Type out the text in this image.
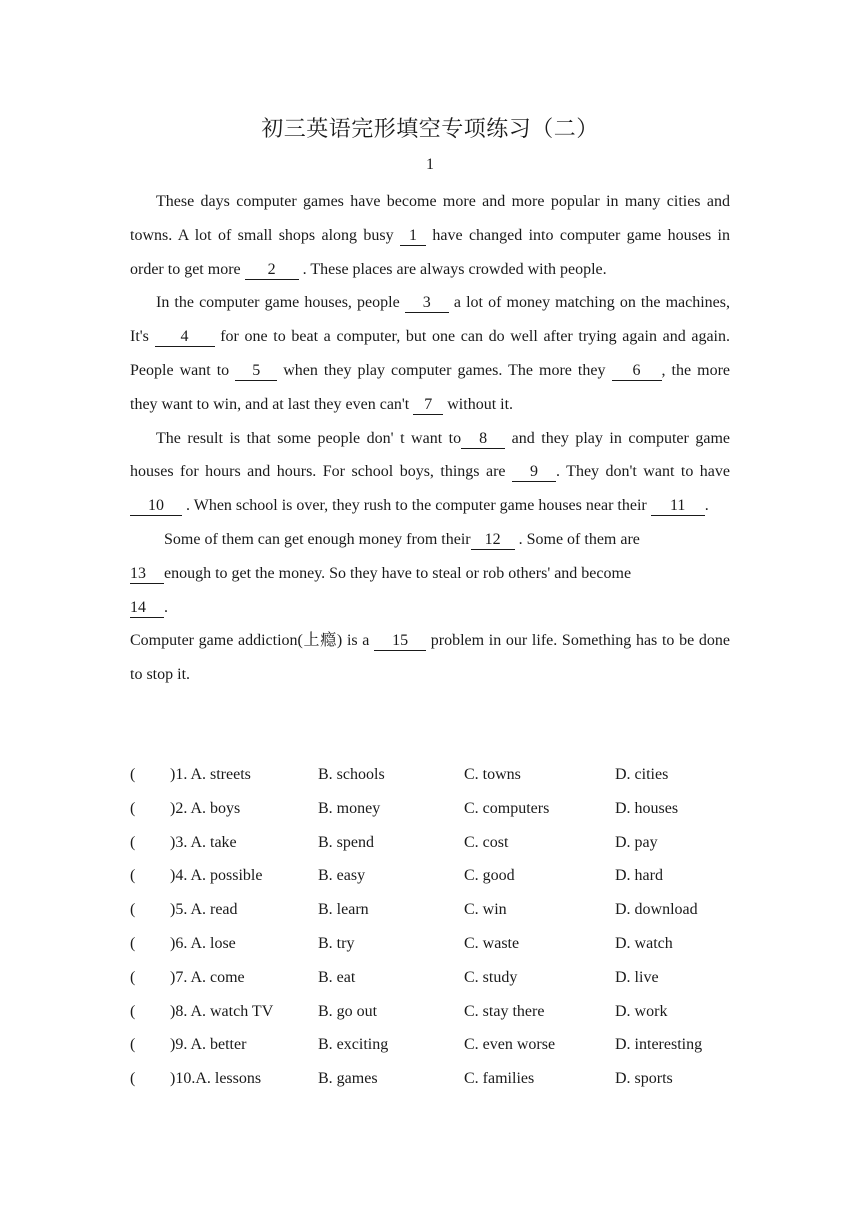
初三英语完形填空专项练习（二）
1

These days computer games have become more and more popular in many cities and towns. A lot of small shops along busy 1 have changed into computer game houses in order to get more 2 . These places are always crowded with people.

In the computer game houses, people 3 a lot of money matching on the machines, It's 4 for one to beat a computer, but one can do well after trying again and again. People want to 5 when they play computer games. The more they 6 , the more they want to win, and at last they even can't 7 without it.

The result is that some people don' t want to 8 and they play in computer game houses for hours and hours. For school boys, things are 9 . They don't want to have10 . When school is over, they rush to the computer game houses near their 11 .

Some of them can get enough money from their 12 . Some of them are

13enough to get the money. So they have to steal or rob others' and become
14.

Computer game addiction(上瘾) is a 15 problem in our life. Something has to be done to stop it.

( )1. A. streets	B. schools	C. towns	D. cities
( )2. A. boys	B. money	C. computers	D. houses
( )3. A. take	B. spend	C. cost	D. pay
( )4. A. possible	B. easy	C. good	D. hard
( )5. A. read	B. learn	C. win	D. download
( )6. A. lose	B. try	C. waste	D. watch
( )7. A. come	B. eat	C. study	D. live
( )8. A. watch TV	B. go out	C. stay there	D. work
( )9. A. better	B. exciting	C. even worse	D. interesting
( )10.A. lessons	B. games	C. families	D. sports
